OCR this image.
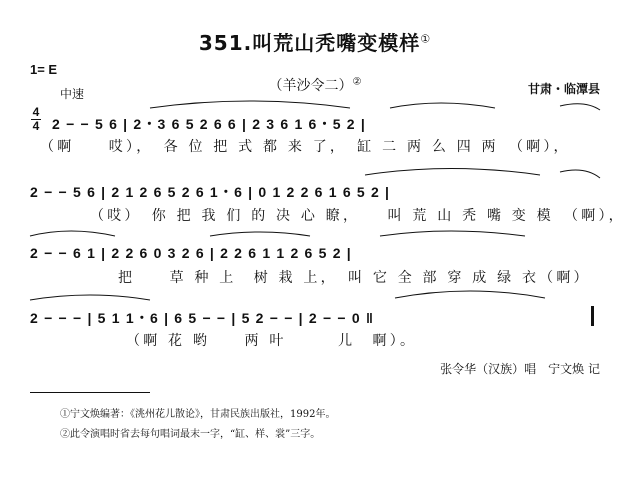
351.叫荒山秃嘴变模样①
1= E
中速	（羊沙令二）②
甘肃・临潭县
4
4 2 − − 5 6 | 2・3 6 5 2 6 6 | 2 3 6 1 6・5 2 |
（啊　　哎），　各 位 把 式 都 来 了，　缸 二 两 么 四 两　（啊），
2 − − 5 6 | 2 1 2 6 5 2 6 1・6 | 0 1 2 2 6 1 6 5 2 |
（哎）　你 把 我 们 的 决 心 瞭，　　叫 荒 山 秃 嘴 变 模　（啊），
2 − − 6 1 | 2 2 6 0 3 2 6 | 2 2 6 1 1 2 6 5 2 |
把　　草 种 上　树 栽 上，　叫 它 全 部 穿 成 绿 衣（啊）
2 − − − | 5 1 1・6 | 6 5 − − | 5 2 − − | 2 − − 0 ‖
（啊 花 哟　　两 叶　　　儿　啊）。
张令华（汉族）唱　宁文焕 记
①宁文焕编著：《洮州花儿散论》，甘肃民族出版社，1992年。
②此令演唱时省去每句唱词最末一字，“缸、样、裳”三字。
